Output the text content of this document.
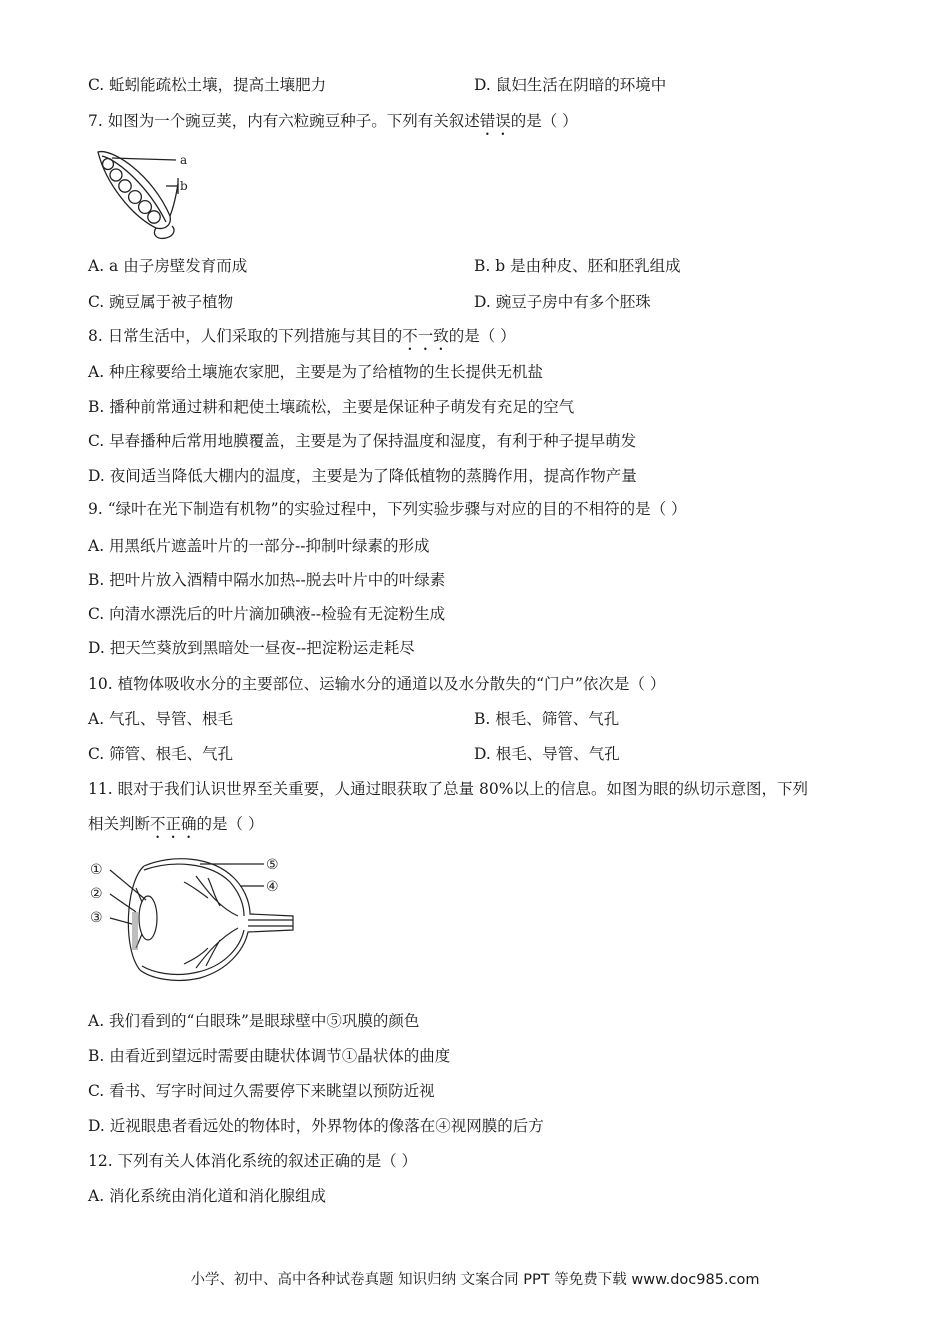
C. 蚯蚓能疏松土壤，提高土壤肥力	D. 鼠妇生活在阴暗的环境中
7. 如图为一个豌豆荚，内有六粒豌豆种子。下列有关叙述错误的是（ ）
a
b
A. a 由子房壁发育而成	B. b 是由种皮、胚和胚乳组成
C. 豌豆属于被子植物	D. 豌豆子房中有多个胚珠
8. 日常生活中，人们采取的下列措施与其目的不一致的是（ ）
A. 种庄稼要给土壤施农家肥，主要是为了给植物的生长提供无机盐
B. 播种前常通过耕和耙使土壤疏松，主要是保证种子萌发有充足的空气
C. 早春播种后常用地膜覆盖，主要是为了保持温度和湿度，有利于种子提早萌发
D. 夜间适当降低大棚内的温度，主要是为了降低植物的蒸腾作用，提高作物产量
9. “绿叶在光下制造有机物”的实验过程中，下列实验步骤与对应的目的不相符的是（ ）
A. 用黑纸片遮盖叶片的一部分--抑制叶绿素的形成
B. 把叶片放入酒精中隔水加热--脱去叶片中的叶绿素
C. 向清水漂洗后的叶片滴加碘液--检验有无淀粉生成
D. 把天竺葵放到黑暗处一昼夜--把淀粉运走耗尽
10. 植物体吸收水分的主要部位、运输水分的通道以及水分散失的“门户”依次是（ ）
A. 气孔、导管、根毛	B. 根毛、筛管、气孔
C. 筛管、根毛、气孔	D. 根毛、导管、气孔
11. 眼对于我们认识世界至关重要，人通过眼获取了总量 80%以上的信息。如图为眼的纵切示意图，下列
相关判断不正确的是（ ）
①
②
③
④
⑤
A. 我们看到的“白眼珠”是眼球壁中⑤巩膜的颜色
B. 由看近到望远时需要由睫状体调节①晶状体的曲度
C. 看书、写字时间过久需要停下来眺望以预防近视
D. 近视眼患者看远处的物体时，外界物体的像落在④视网膜的后方
12. 下列有关人体消化系统的叙述正确的是（ ）
A. 消化系统由消化道和消化腺组成
小学、初中、高中各种试卷真题 知识归纳 文案合同 PPT 等免费下载 www.doc985.com
